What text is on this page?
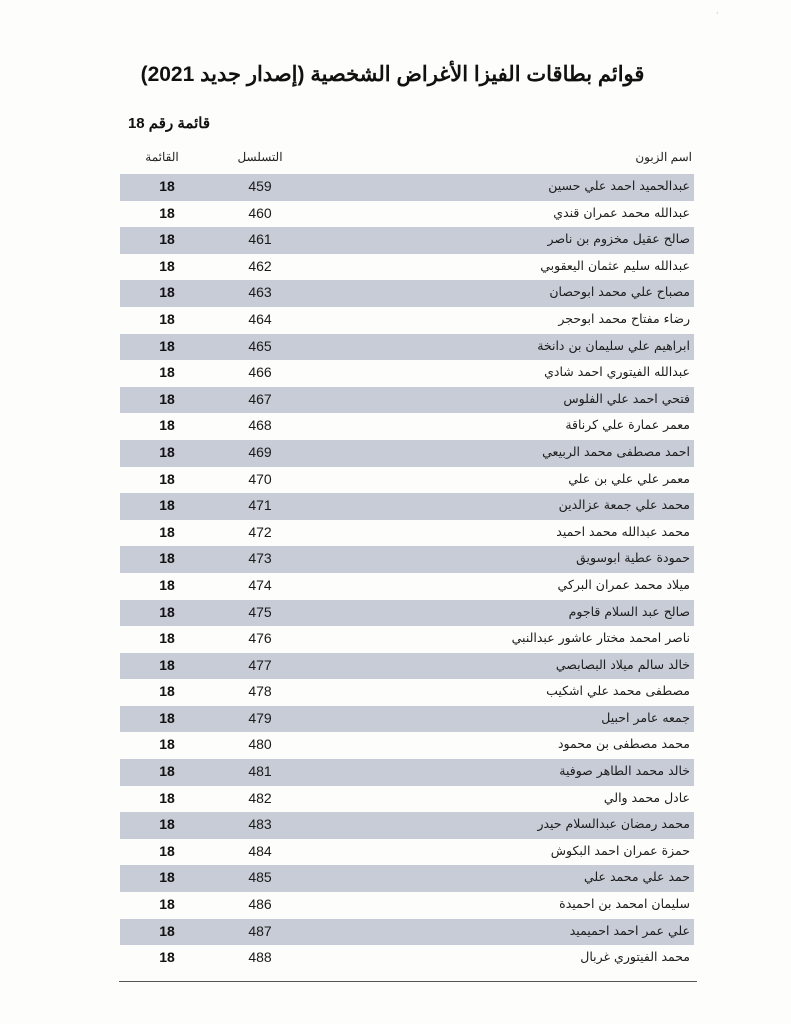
·
قوائم بطاقات الفيزا الأغراض الشخصية (إصدار جديد 2021)
قائمة رقم 18
اسم الزبون
التسلسل
القائمة
عبدالحميد احمد علي حسين
459
18
عبدالله محمد عمران قندي
460
18
صالح عقيل مخزوم بن ناصر
461
18
عبدالله سليم عثمان اليعقوبي
462
18
مصباح علي محمد ابوحصان
463
18
رضاء مفتاح محمد ابوحجر
464
18
ابراهيم علي سليمان بن دانخة
465
18
عبدالله الفيتوري احمد شادي
466
18
فتحي احمد علي الفلوس
467
18
معمر عمارة علي كرناقة
468
18
احمد مصطفى محمد الربيعي
469
18
معمر علي علي بن علي
470
18
محمد علي جمعة عزالدين
471
18
محمد عبدالله محمد احميد
472
18
حمودة عطية ابوسويق
473
18
ميلاد محمد عمران البركي
474
18
صالح عبد السلام قاجوم
475
18
ناصر امحمد مختار عاشور عبدالنبي
476
18
خالد سالم ميلاد البصابصي
477
18
مصطفى محمد علي اشكيب
478
18
جمعه عامر احبيل
479
18
محمد مصطفى بن محمود
480
18
خالد محمد الطاهر صوفية
481
18
عادل محمد والي
482
18
محمد رمضان عبدالسلام حيدر
483
18
حمزة عمران احمد البكوش
484
18
حمد علي محمد علي
485
18
سليمان امحمد بن احميدة
486
18
علي عمر احمد احميميد
487
18
محمد الفيتوري غربال
488
18
